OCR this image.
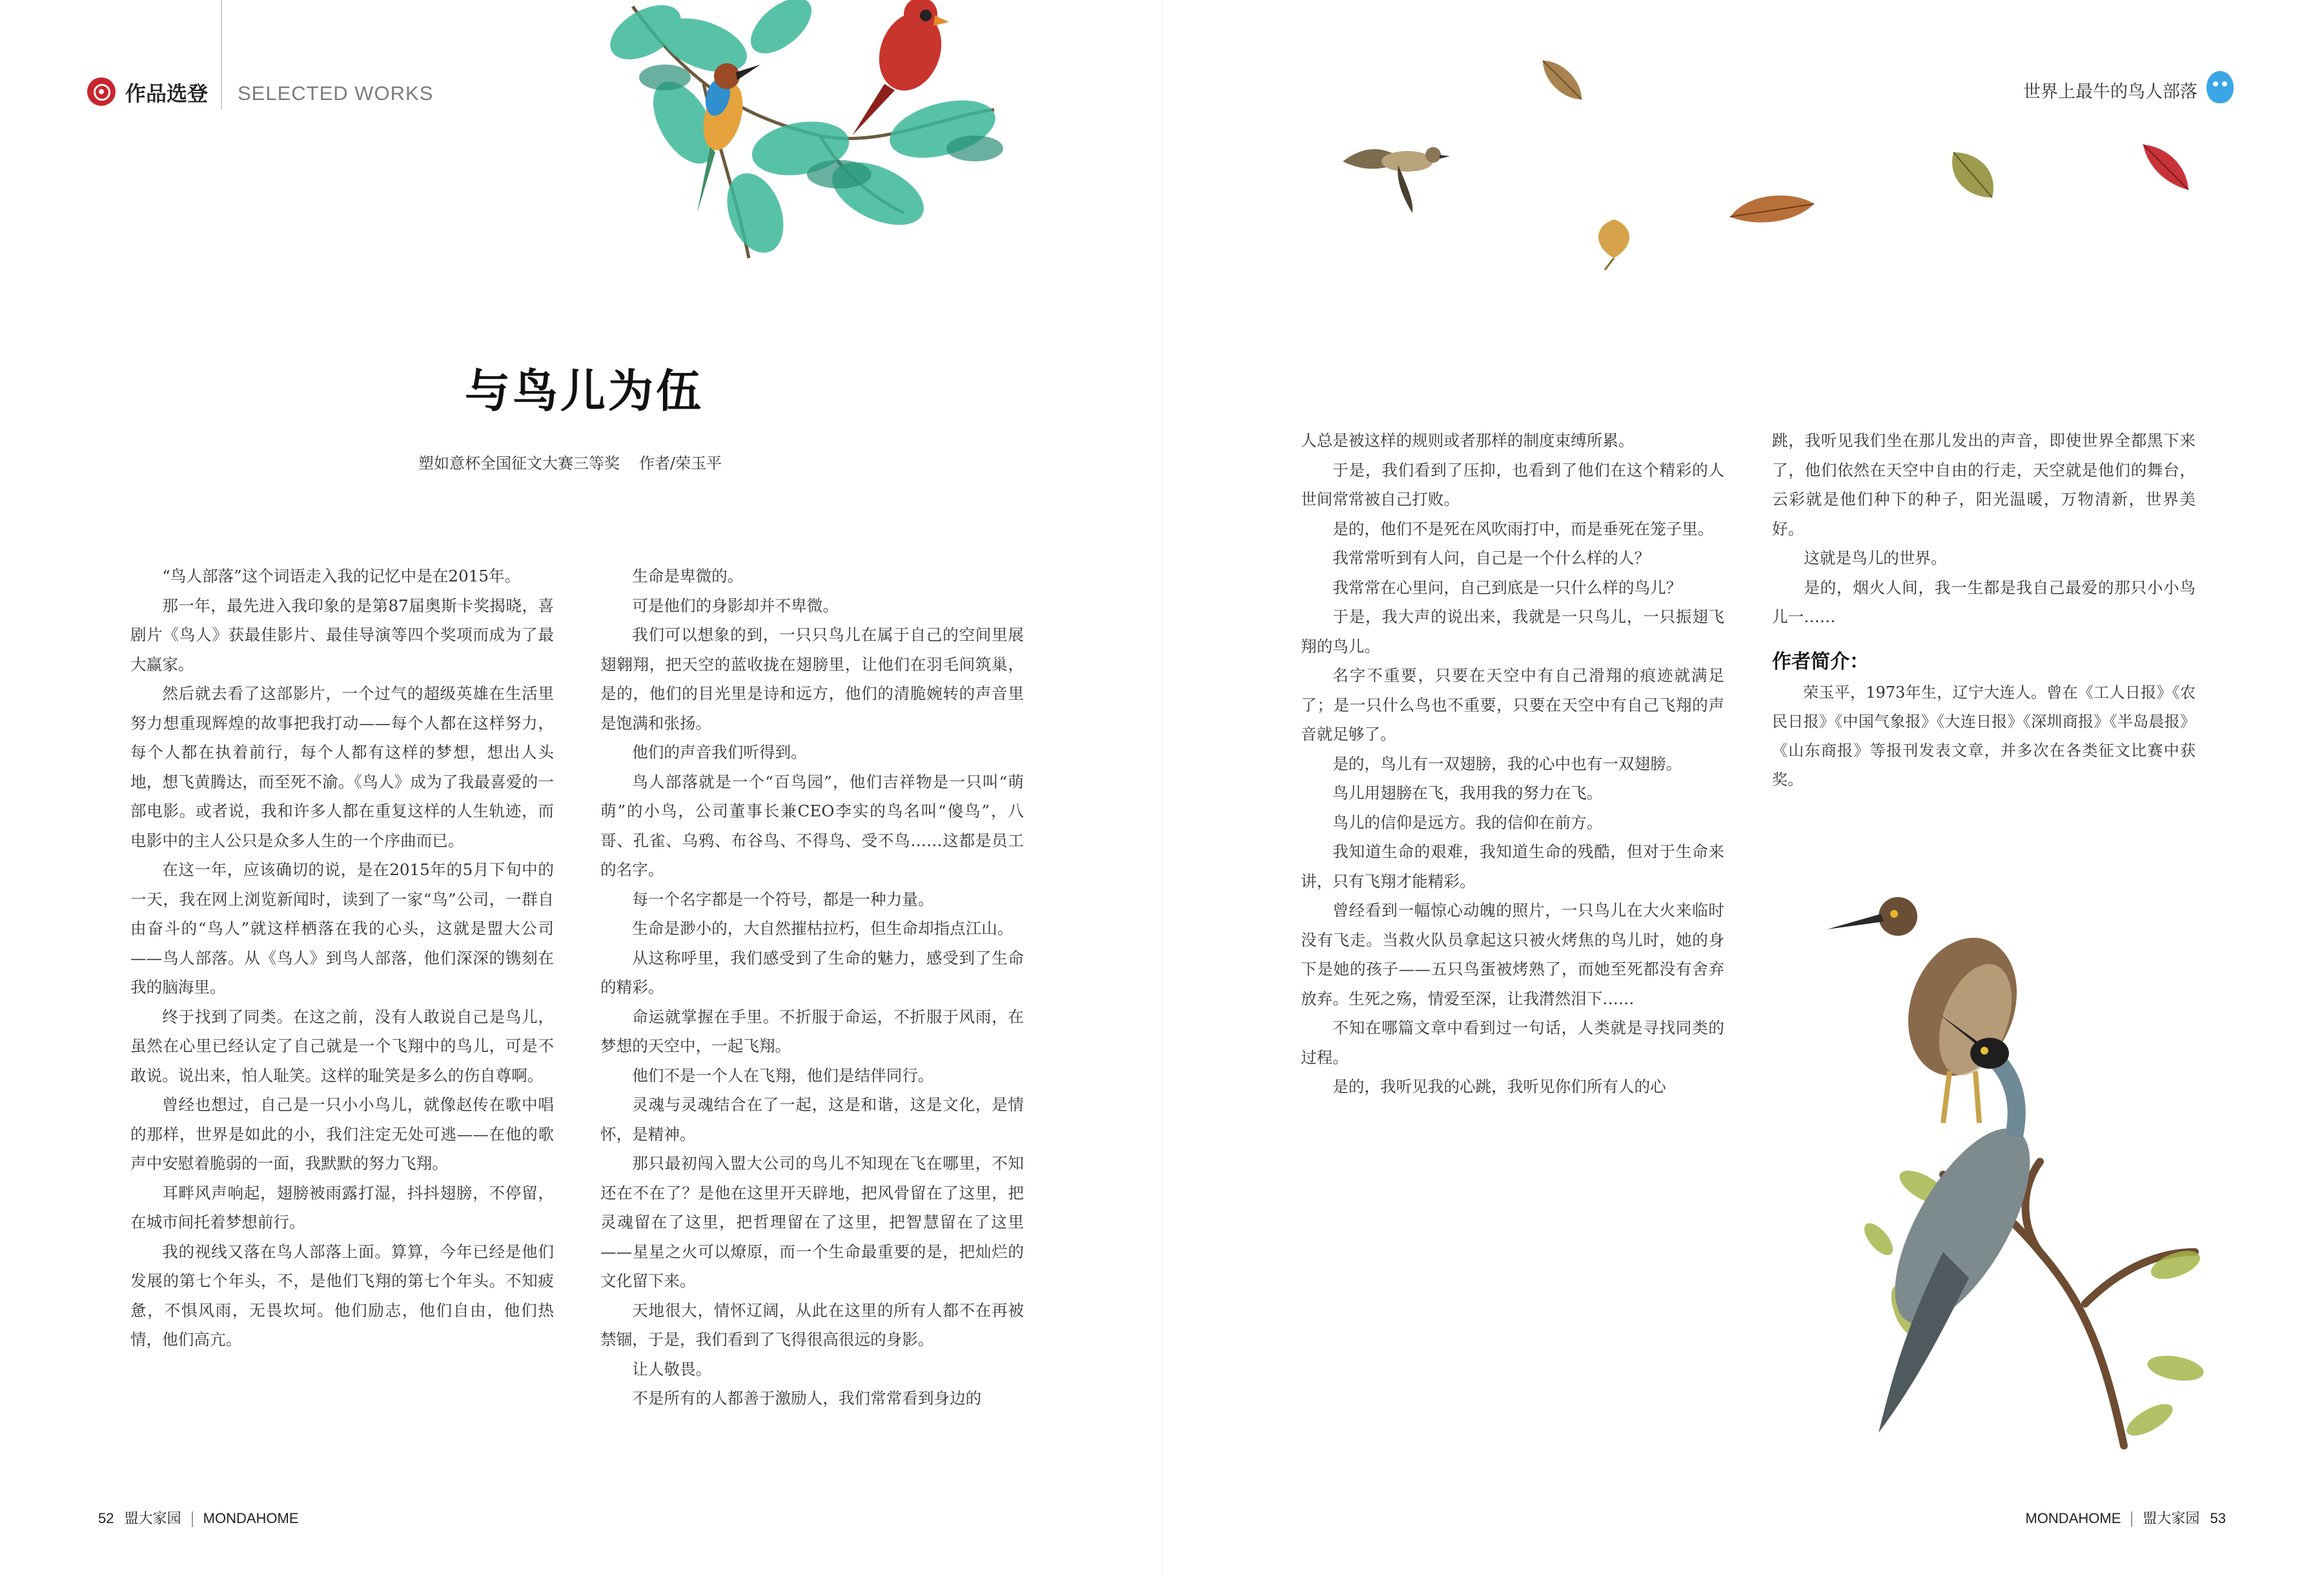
作品选登 SELECTED WORKS	世界上最牛的鸟人部落
与鸟儿为伍
塑如意杯全国征文大赛三等奖 作者/荣玉平

“鸟人部落”这个词语走入我的记忆中是在2015年。

那一年，最先进入我印象的是第87届奥斯卡奖揭晓，喜剧片《鸟人》获最佳影片、最佳导演等四个奖项而成为了最大赢家。

然后就去看了这部影片，一个过气的超级英雄在生活里努力想重现辉煌的故事把我打动——每个人都在这样努力，每个人都在执着前行，每个人都有这样的梦想，想出人头地，想飞黄腾达，而至死不渝。《鸟人》成为了我最喜爱的一部电影。或者说，我和许多人都在重复这样的人生轨迹，而电影中的主人公只是众多人生的一个序曲而已。

在这一年，应该确切的说，是在2015年的5月下旬中的一天，我在网上浏览新闻时，读到了一家“鸟”公司，一群自由奋斗的“鸟人”就这样栖落在我的心头，这就是盟大公司——鸟人部落。从《鸟人》到鸟人部落，他们深深的镌刻在我的脑海里。

终于找到了同类。在这之前，没有人敢说自己是鸟儿，虽然在心里已经认定了自己就是一个飞翔中的鸟儿，可是不敢说。说出来，怕人耻笑。这样的耻笑是多么的伤自尊啊。

曾经也想过，自己是一只小小鸟儿，就像赵传在歌中唱的那样，世界是如此的小，我们注定无处可逃——在他的歌声中安慰着脆弱的一面，我默默的努力飞翔。

耳畔风声响起，翅膀被雨露打湿，抖抖翅膀，不停留，在城市间托着梦想前行。

我的视线又落在鸟人部落上面。算算，今年已经是他们发展的第七个年头，不，是他们飞翔的第七个年头。不知疲惫，不惧风雨，无畏坎坷。他们励志，他们自由，他们热情，他们高亢。

生命是卑微的。

可是他们的身影却并不卑微。

我们可以想象的到，一只只鸟儿在属于自己的空间里展翅翱翔，把天空的蓝收拢在翅膀里，让他们在羽毛间筑巢，是的，他们的目光里是诗和远方，他们的清脆婉转的声音里是饱满和张扬。

他们的声音我们听得到。

鸟人部落就是一个“百鸟园”，他们吉祥物是一只叫“萌萌”的小鸟，公司董事长兼CEO李实的鸟名叫“傻鸟”，八哥、孔雀、乌鸦、布谷鸟、不得鸟、受不鸟……这都是员工的名字。

每一个名字都是一个符号，都是一种力量。

生命是渺小的，大自然摧枯拉朽，但生命却指点江山。

从这称呼里，我们感受到了生命的魅力，感受到了生命的精彩。

命运就掌握在手里。不折服于命运，不折服于风雨，在梦想的天空中，一起飞翔。

他们不是一个人在飞翔，他们是结伴同行。

灵魂与灵魂结合在了一起，这是和谐，这是文化，是情怀，是精神。

那只最初闯入盟大公司的鸟儿不知现在飞在哪里，不知还在不在了？是他在这里开天辟地，把风骨留在了这里，把灵魂留在了这里，把哲理留在了这里，把智慧留在了这里——星星之火可以燎原，而一个生命最重要的是，把灿烂的文化留下来。

天地很大，情怀辽阔，从此在这里的所有人都不在再被禁锢，于是，我们看到了飞得很高很远的身影。

让人敬畏。

不是所有的人都善于激励人，我们常常看到身边的

人总是被这样的规则或者那样的制度束缚所累。

于是，我们看到了压抑，也看到了他们在这个精彩的人世间常常被自己打败。

是的，他们不是死在风吹雨打中，而是垂死在笼子里。

我常常听到有人问，自己是一个什么样的人？

我常常在心里问，自己到底是一只什么样的鸟儿？

于是，我大声的说出来，我就是一只鸟儿，一只振翅飞翔的鸟儿。

名字不重要，只要在天空中有自己滑翔的痕迹就满足了；是一只什么鸟也不重要，只要在天空中有自己飞翔的声音就足够了。

是的，鸟儿有一双翅膀，我的心中也有一双翅膀。

鸟儿用翅膀在飞，我用我的努力在飞。

鸟儿的信仰是远方。我的信仰在前方。

我知道生命的艰难，我知道生命的残酷，但对于生命来讲，只有飞翔才能精彩。

曾经看到一幅惊心动魄的照片，一只鸟儿在大火来临时没有飞走。当救火队员拿起这只被火烤焦的鸟儿时，她的身下是她的孩子——五只鸟蛋被烤熟了，而她至死都没有舍弃放弃。生死之殇，情爱至深，让我潸然泪下……

不知在哪篇文章中看到过一句话，人类就是寻找同类的过程。

是的，我听见我的心跳，我听见你们所有人的心

跳，我听见我们坐在那儿发出的声音，即使世界全都黑下来了，他们依然在天空中自由的行走，天空就是他们的舞台，云彩就是他们种下的种子，阳光温暖，万物清新，世界美好。

这就是鸟儿的世界。

是的，烟火人间，我一生都是我自己最爱的那只小小鸟儿一……

作者简介：

荣玉平，1973年生，辽宁大连人。曾在《工人日报》《农民日报》《中国气象报》《大连日报》《深圳商报》《半岛晨报》《山东商报》等报刊发表文章，并多次在各类征文比赛中获奖。

52 盟大家园 MONDAHOME	MONDAHOME 盟大家园 53
